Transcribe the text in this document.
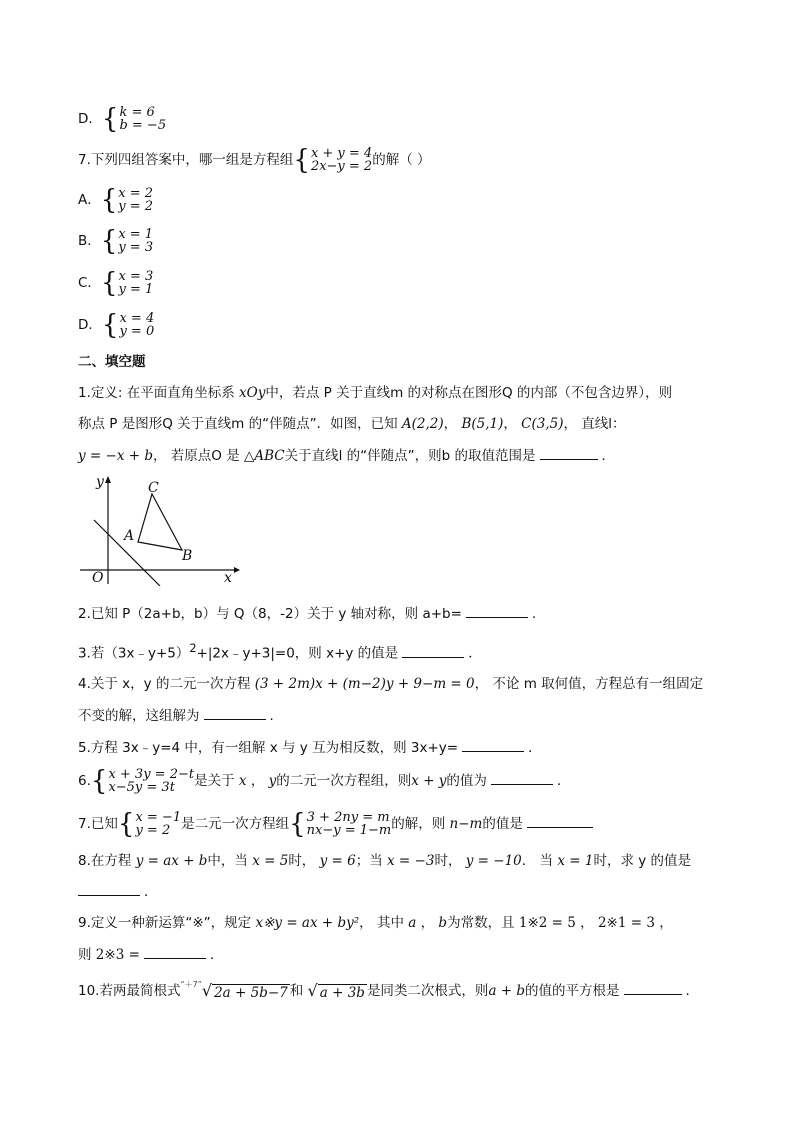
D． { k = 6
b = −5
7.下列四组答案中，哪一组是方程组 { x + y = 4
2x−y = 2 的解（ ）
A． { x = 2
y = 2
B． { x = 1
y = 3
C． { x = 3
y = 1
D． { x = 4
y = 0
二、填空题
1.定义: 在平面直角坐标系 xOy中，若点 P 关于直线m 的对称点在图形Q 的内部（不包含边界），则
称点 P 是图形Q 关于直线m 的“伴随点”．如图，已知 A(2,2)， B(5,1)， C(3,5)， 直线l：
y = −x + b， 若原点O 是 △ABC关于直线l 的“伴随点”，则b 的取值范围是	．
y
x
O
A
B
C
2.已知 P（2a+b，b）与 Q（8，-2）关于 y 轴对称，则 a+b=	.
3.若（3x﹣y+5）$^2$+|2x﹣y+3|=0，则 x+y 的值是	．
4.关于 x，y 的二元一次方程 (3 + 2m)x + (m−2)y + 9−m = 0， 不论 m 取何值，方程总有一组固定
不变的解，这组解为	．
5.方程 3x﹣y=4 中，有一组解 x 与 y 互为相反数，则 3x+y=	．
6. { x + 3y = 2−t
x−5y = 3t	是关于 x ， y的二元一次方程组，则x + y的值为	．
7.已知 { x = −1
y = 2 是二元一次方程组 { 3 + 2ny = m
nx−y = 1−m 的解，则 n−m的值是
8.在方程 y = ax + b中，当 x = 5时， y = 6；当 x = −3时， y = −10． 当 x = 1时，求 y 的值是
．
9.定义一种新运算“※”，规定 x※y = ax + by²， 其中 a ， b为常数，且 1※2 = 5 ， 2※1 = 3 ，
则 2※3 =	．
10.若两最简根式$^{“+7”}$ √ 2a + 5b−7 和 √ a + 3b 是同类二次根式，则a + b的值的平方根是	．
